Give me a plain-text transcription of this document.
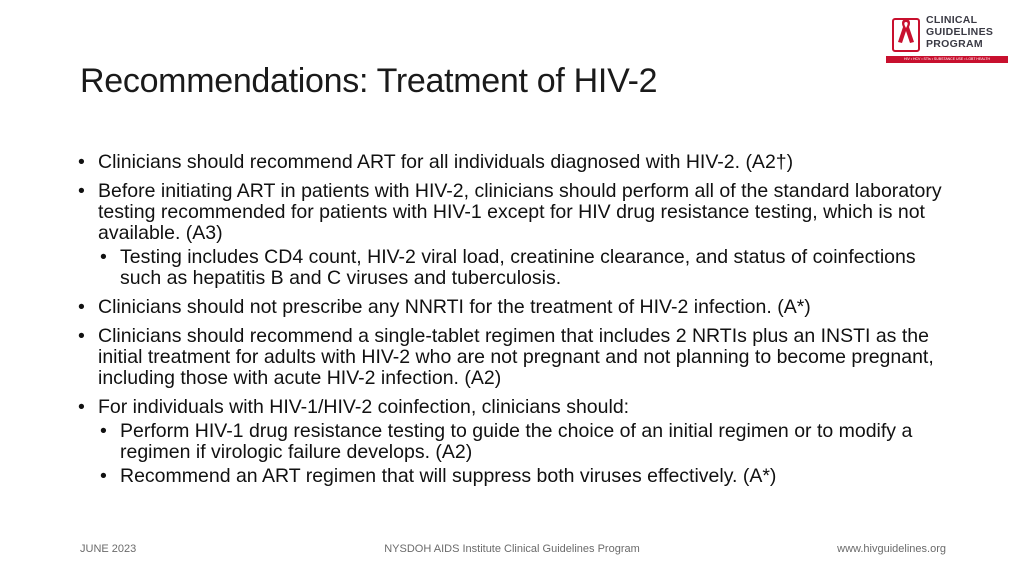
Recommendations: Treatment of HIV-2
CLINICAL
GUIDELINES
PROGRAM
HIV • HCV • STIs • SUBSTANCE USE • LGBT HEALTH
• Clinicians should recommend ART for all individuals diagnosed with HIV-2. (A2†)
• Before initiating ART in patients with HIV-2, clinicians should perform all of the standard laboratory testing recommended for patients with HIV-1 except for HIV drug resistance testing, which is not available. (A3)
• Testing includes CD4 count, HIV-2 viral load, creatinine clearance, and status of coinfections such as hepatitis B and C viruses and tuberculosis.
• Clinicians should not prescribe any NNRTI for the treatment of HIV-2 infection. (A*)
• Clinicians should recommend a single-tablet regimen that includes 2 NRTIs plus an INSTI as the initial treatment for adults with HIV-2 who are not pregnant and not planning to become pregnant, including those with acute HIV-2 infection. (A2)
• For individuals with HIV-1/HIV-2 coinfection, clinicians should:
• Perform HIV-1 drug resistance testing to guide the choice of an initial regimen or to modify a regimen if virologic failure develops. (A2)
• Recommend an ART regimen that will suppress both viruses effectively. (A*)
JUNE 2023	NYSDOH AIDS Institute Clinical Guidelines Program	www.hivguidelines.org
